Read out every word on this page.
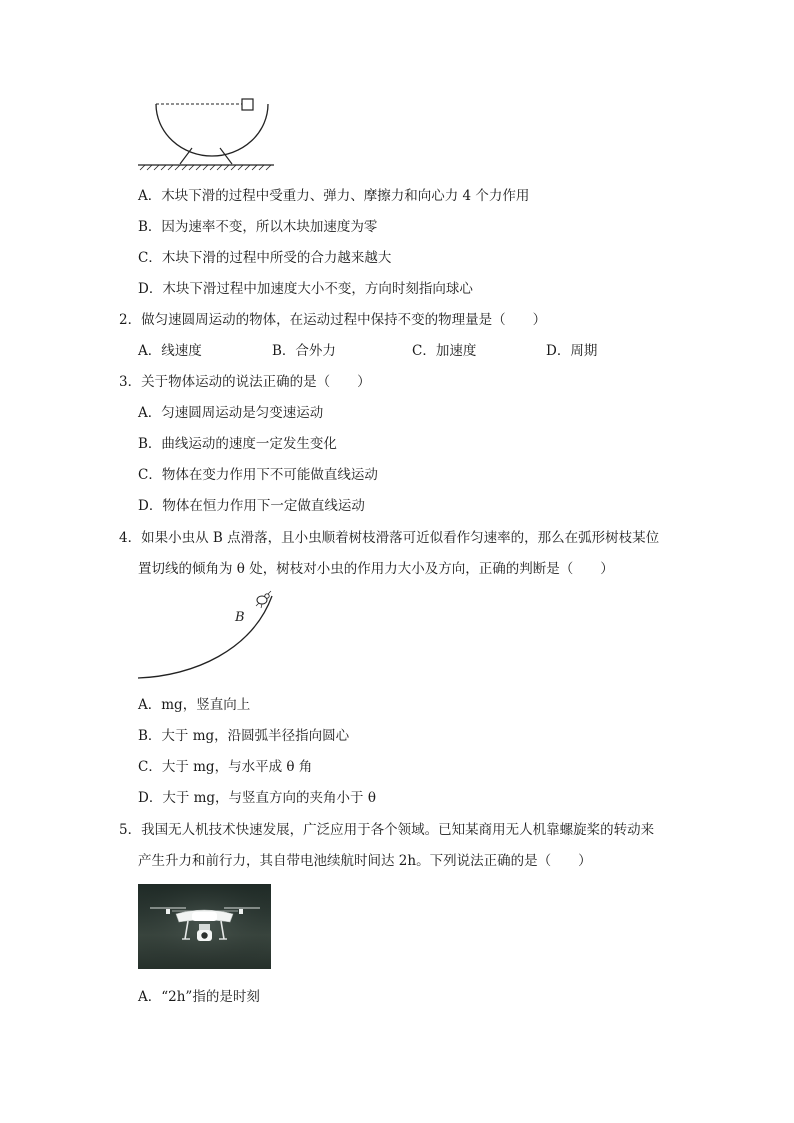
A．木块下滑的过程中受重力、弹力、摩擦力和向心力 4 个力作用
B．因为速率不变，所以木块加速度为零
C．木块下滑的过程中所受的合力越来越大
D．木块下滑过程中加速度大小不变，方向时刻指向球心
2．做匀速圆周运动的物体，在运动过程中保持不变的物理量是（　　）
A．线速度	B．合外力	C．加速度	D．周期
3．关于物体运动的说法正确的是（　　）
A．匀速圆周运动是匀变速运动
B．曲线运动的速度一定发生变化
C．物体在变力作用下不可能做直线运动
D．物体在恒力作用下一定做直线运动
4．如果小虫从 B 点滑落，且小虫顺着树枝滑落可近似看作匀速率的，那么在弧形树枝某位
置切线的倾角为 θ 处，树枝对小虫的作用力大小及方向，正确的判断是（　　）
B
A．mg，竖直向上
B．大于 mg，沿圆弧半径指向圆心
C．大于 mg，与水平成 θ 角
D．大于 mg，与竖直方向的夹角小于 θ
5．我国无人机技术快速发展，广泛应用于各个领域。已知某商用无人机靠螺旋桨的转动来
产生升力和前行力，其自带电池续航时间达 2h。下列说法正确的是（　　）
A．“2h”指的是时刻
